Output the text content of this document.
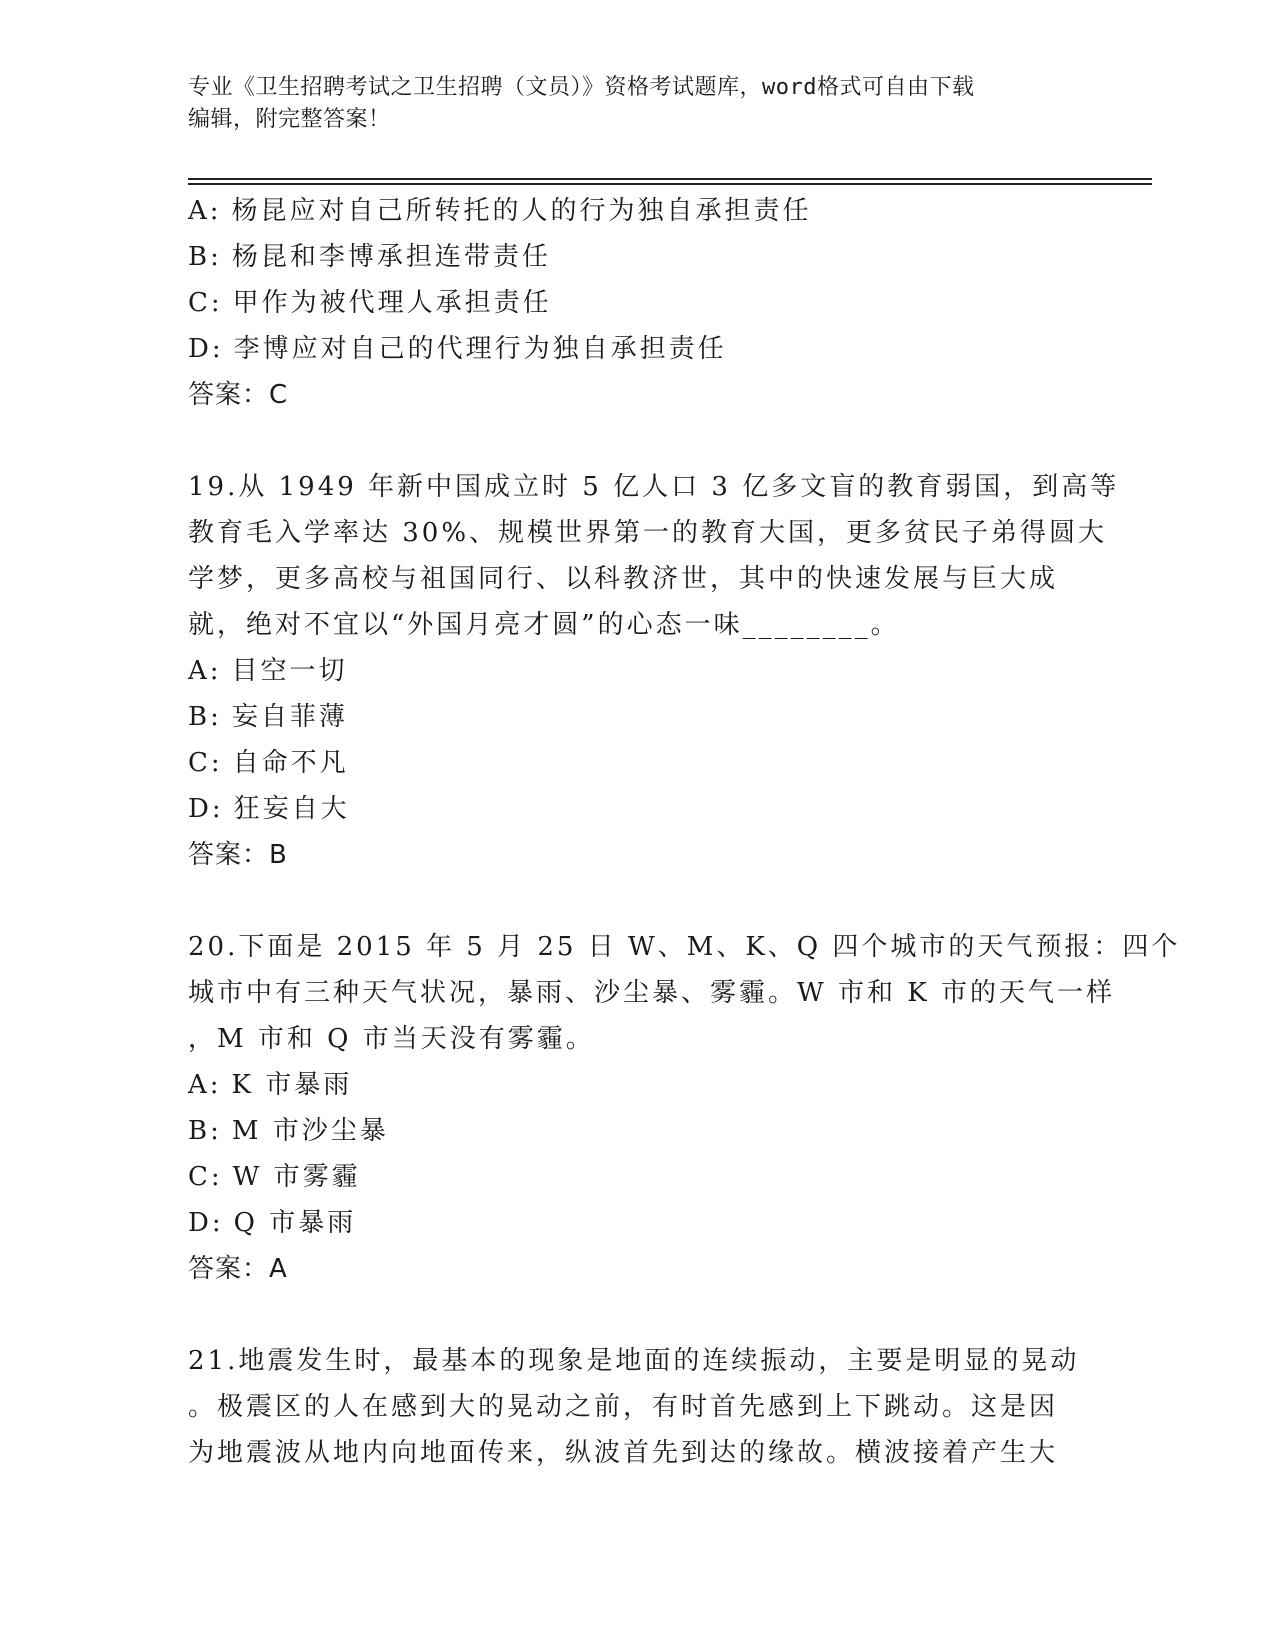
专业《卫生招聘考试之卫生招聘（文员）》资格考试题库，word格式可自由下载
编辑，附完整答案！
A: 杨昆应对自己所转托的人的行为独自承担责任
B: 杨昆和李博承担连带责任
C: 甲作为被代理人承担责任
D: 李博应对自己的代理行为独自承担责任
答案：C
19.从 1949 年新中国成立时 5 亿人口 3 亿多文盲的教育弱国，到高等
教育毛入学率达 30%、规模世界第一的教育大国，更多贫民子弟得圆大
学梦，更多高校与祖国同行、以科教济世，其中的快速发展与巨大成
就，绝对不宜以“外国月亮才圆”的心态一味________。
A: 目空一切
B: 妄自菲薄
C: 自命不凡
D: 狂妄自大
答案：B
20.下面是 2015 年 5 月 25 日 W、M、K、Q 四个城市的天气预报：四个
城市中有三种天气状况，暴雨、沙尘暴、雾霾。W 市和 K 市的天气一样
，M 市和 Q 市当天没有雾霾。
A: K 市暴雨
B: M 市沙尘暴
C: W 市雾霾
D: Q 市暴雨
答案：A
21.地震发生时，最基本的现象是地面的连续振动，主要是明显的晃动
。极震区的人在感到大的晃动之前，有时首先感到上下跳动。这是因
为地震波从地内向地面传来，纵波首先到达的缘故。横波接着产生大
